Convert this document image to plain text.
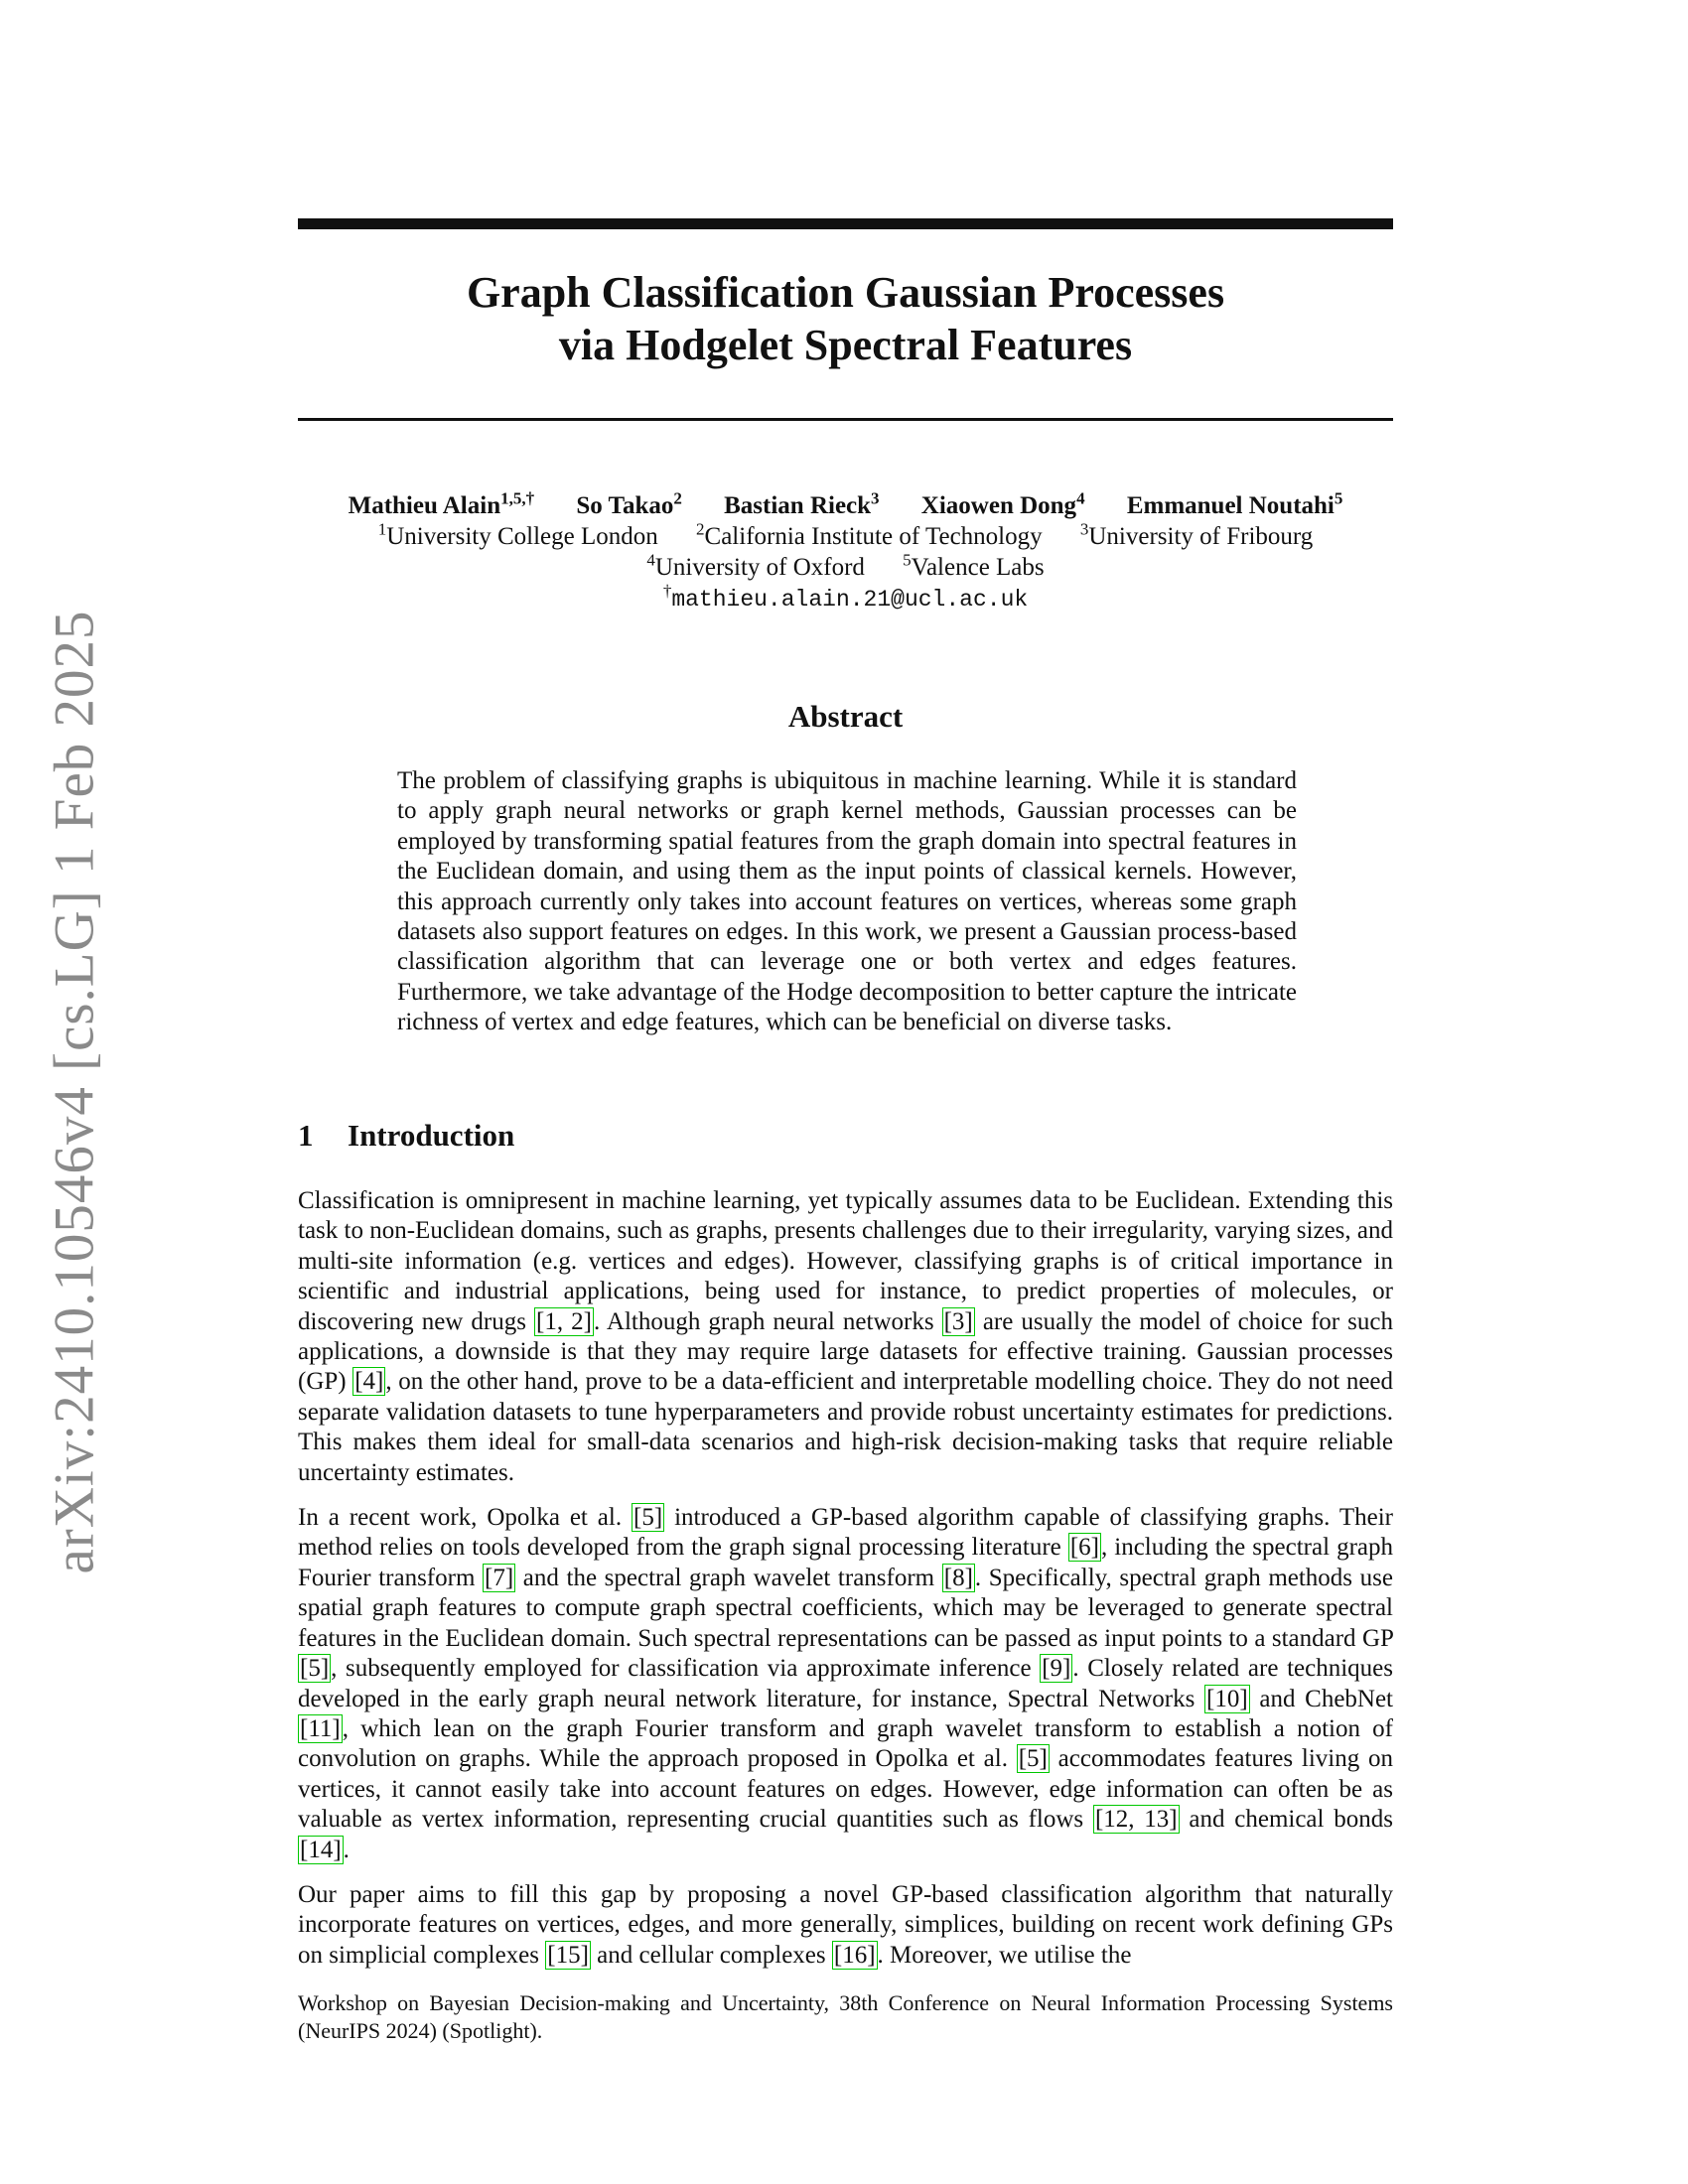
arXiv:2410.10546v4 [cs.LG] 1 Feb 2025
Graph Classification Gaussian Processes
via Hodgelet Spectral Features
Mathieu Alain$^{1,5,\dagger}$ So Takao$^2$ Bastian Rieck$^3$ Xiaowen Dong$^4$ Emmanuel Noutahi$^5$
$^1$University College London $^2$California Institute of Technology $^3$University of Fribourg
$^4$University of Oxford $^5$Valence Labs
†mathieu.alain.21@ucl.ac.uk
Abstract
The problem of classifying graphs is ubiquitous in machine learning. While it is standard to apply graph neural networks or graph kernel methods, Gaussian processes can be employed by transforming spatial features from the graph domain into spectral features in the Euclidean domain, and using them as the input points of classical kernels. However, this approach currently only takes into account features on vertices, whereas some graph datasets also support features on edges. In this work, we present a Gaussian process-based classification algorithm that can leverage one or both vertex and edges features. Furthermore, we take advantage of the Hodge decomposition to better capture the intricate richness of vertex and edge features, which can be beneficial on diverse tasks.
1 Introduction

Classification is omnipresent in machine learning, yet typically assumes data to be Euclidean. Extending this task to non-Euclidean domains, such as graphs, presents challenges due to their irregularity, varying sizes, and multi-site information (e.g. vertices and edges). However, classifying graphs is of critical importance in scientific and industrial applications, being used for instance, to predict properties of molecules, or discovering new drugs [1, 2]. Although graph neural networks [3] are usually the model of choice for such applications, a downside is that they may require large datasets for effective training. Gaussian processes (GP) [4], on the other hand, prove to be a data-efficient and interpretable modelling choice. They do not need separate validation datasets to tune hyperparameters and provide robust uncertainty estimates for predictions. This makes them ideal for small-data scenarios and high-risk decision-making tasks that require reliable uncertainty estimates.

In a recent work, Opolka et al. [5] introduced a GP-based algorithm capable of classifying graphs. Their method relies on tools developed from the graph signal processing literature [6], including the spectral graph Fourier transform [7] and the spectral graph wavelet transform [8]. Specifically, spectral graph methods use spatial graph features to compute graph spectral coefficients, which may be leveraged to generate spectral features in the Euclidean domain. Such spectral representations can be passed as input points to a standard GP [5], subsequently employed for classification via approximate inference [9]. Closely related are techniques developed in the early graph neural network literature, for instance, Spectral Networks [10] and ChebNet [11], which lean on the graph Fourier transform and graph wavelet transform to establish a notion of convolution on graphs. While the approach proposed in Opolka et al. [5] accommodates features living on vertices, it cannot easily take into account features on edges. However, edge information can often be as valuable as vertex information, representing crucial quantities such as flows [12, 13] and chemical bonds [14].

Our paper aims to fill this gap by proposing a novel GP-based classification algorithm that naturally incorporate features on vertices, edges, and more generally, simplices, building on recent work defining GPs on simplicial complexes [15] and cellular complexes [16]. Moreover, we utilise the

Workshop on Bayesian Decision-making and Uncertainty, 38th Conference on Neural Information Processing Systems (NeurIPS 2024) (Spotlight).
